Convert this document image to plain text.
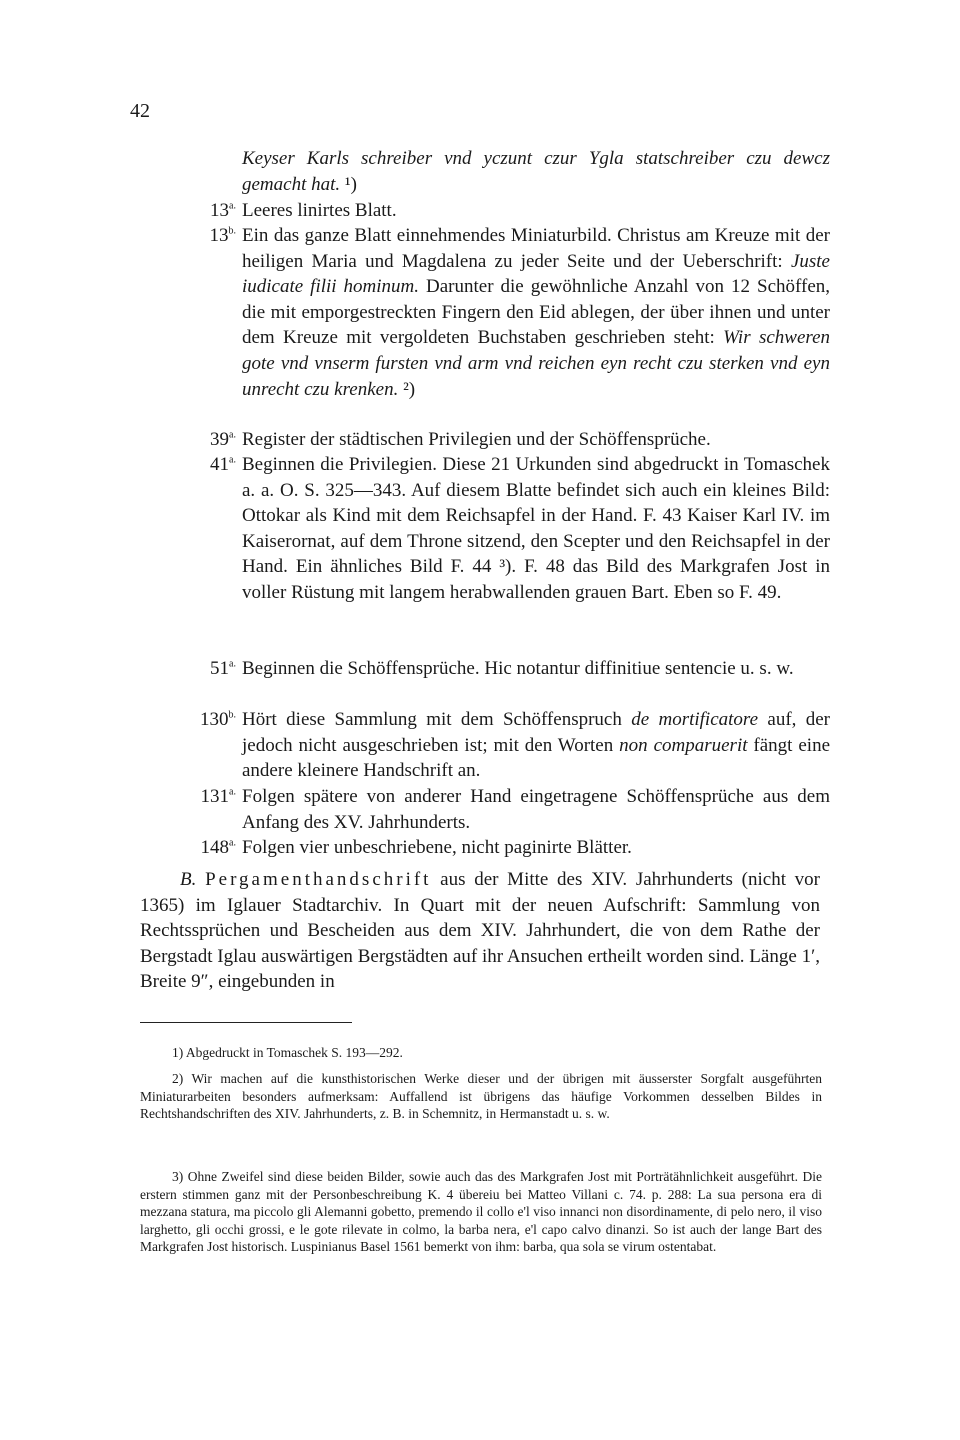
42
Keyser Karls schreiber vnd yczunt czur Ygla statschreiber czu dewcz gemacht hat. ¹)
$13^{a.}$ Leeres linirtes Blatt.
$13^{b.}$ Ein das ganze Blatt einnehmendes Miniaturbild. Christus am Kreuze mit der heiligen Maria und Magdalena zu jeder Seite und der Ueberschrift: Juste iudicate filii hominum. Darunter die gewöhnliche Anzahl von 12 Schöffen, die mit emporgestreckten Fingern den Eid ablegen, der über ihnen und unter dem Kreuze mit vergoldeten Buchstaben geschrieben steht: Wir schweren gote vnd vnserm fursten vnd arm vnd reichen eyn recht czu sterken vnd eyn unrecht czu krenken. ²)
$39^{a.}$ Register der städtischen Privilegien und der Schöffensprüche.
$41^{a.}$ Beginnen die Privilegien. Diese 21 Urkunden sind abgedruckt in Tomaschek a. a. O. S. 325—343. Auf diesem Blatte befindet sich auch ein kleines Bild: Ottokar als Kind mit dem Reichsapfel in der Hand. F. 43 Kaiser Karl IV. im Kaiserornat, auf dem Throne sitzend, den Scepter und den Reichsapfel in der Hand. Ein ähnliches Bild F. 44 ³). F. 48 das Bild des Markgrafen Jost in voller Rüstung mit langem herabwallenden grauen Bart. Eben so F. 49.
$51^{a.}$ Beginnen die Schöffensprüche. Hic notantur diffinitiue sentencie u. s. w.
$130^{b.}$ Hört diese Sammlung mit dem Schöffenspruch de mortificatore auf, der jedoch nicht ausgeschrieben ist; mit den Worten non comparuerit fängt eine andere kleinere Handschrift an.
$131^{a.}$ Folgen spätere von anderer Hand eingetragene Schöffensprüche aus dem Anfang des XV. Jahrhunderts.
$148^{a.}$ Folgen vier unbeschriebene, nicht paginirte Blätter.
B. Pergamenthandschrift aus der Mitte des XIV. Jahrhunderts (nicht vor 1365) im Iglauer Stadtarchiv. In Quart mit der neuen Aufschrift: Sammlung von Rechtssprüchen und Bescheiden aus dem XIV. Jahrhundert, die von dem Rathe der Bergstadt Iglau auswärtigen Bergstädten auf ihr Ansuchen ertheilt worden sind. Länge 1′, Breite 9″, eingebunden in
1) Abgedruckt in Tomaschek S. 193—292.
2) Wir machen auf die kunsthistorischen Werke dieser und der übrigen mit äusserster Sorgfalt ausgeführten Miniaturarbeiten besonders aufmerksam: Auffallend ist übrigens das häufige Vorkommen desselben Bildes in Rechtshandschriften des XIV. Jahrhunderts, z. B. in Schemnitz, in Hermanstadt u. s. w.
3) Ohne Zweifel sind diese beiden Bilder, sowie auch das des Markgrafen Jost mit Porträtähnlichkeit ausgeführt. Die erstern stimmen ganz mit der Personbeschreibung K. 4 übereiu bei Matteo Villani c. 74. p. 288: La sua persona era di mezzana statura, ma piccolo gli Alemanni gobetto, premendo il collo e'l viso innanci non disordinamente, di pelo nero, il viso larghetto, gli occhi grossi, e le gote rilevate in colmo, la barba nera, e'l capo calvo dinanzi. So ist auch der lange Bart des Markgrafen Jost historisch. Luspinianus Basel 1561 bemerkt von ihm: barba, qua sola se virum ostentabat.
